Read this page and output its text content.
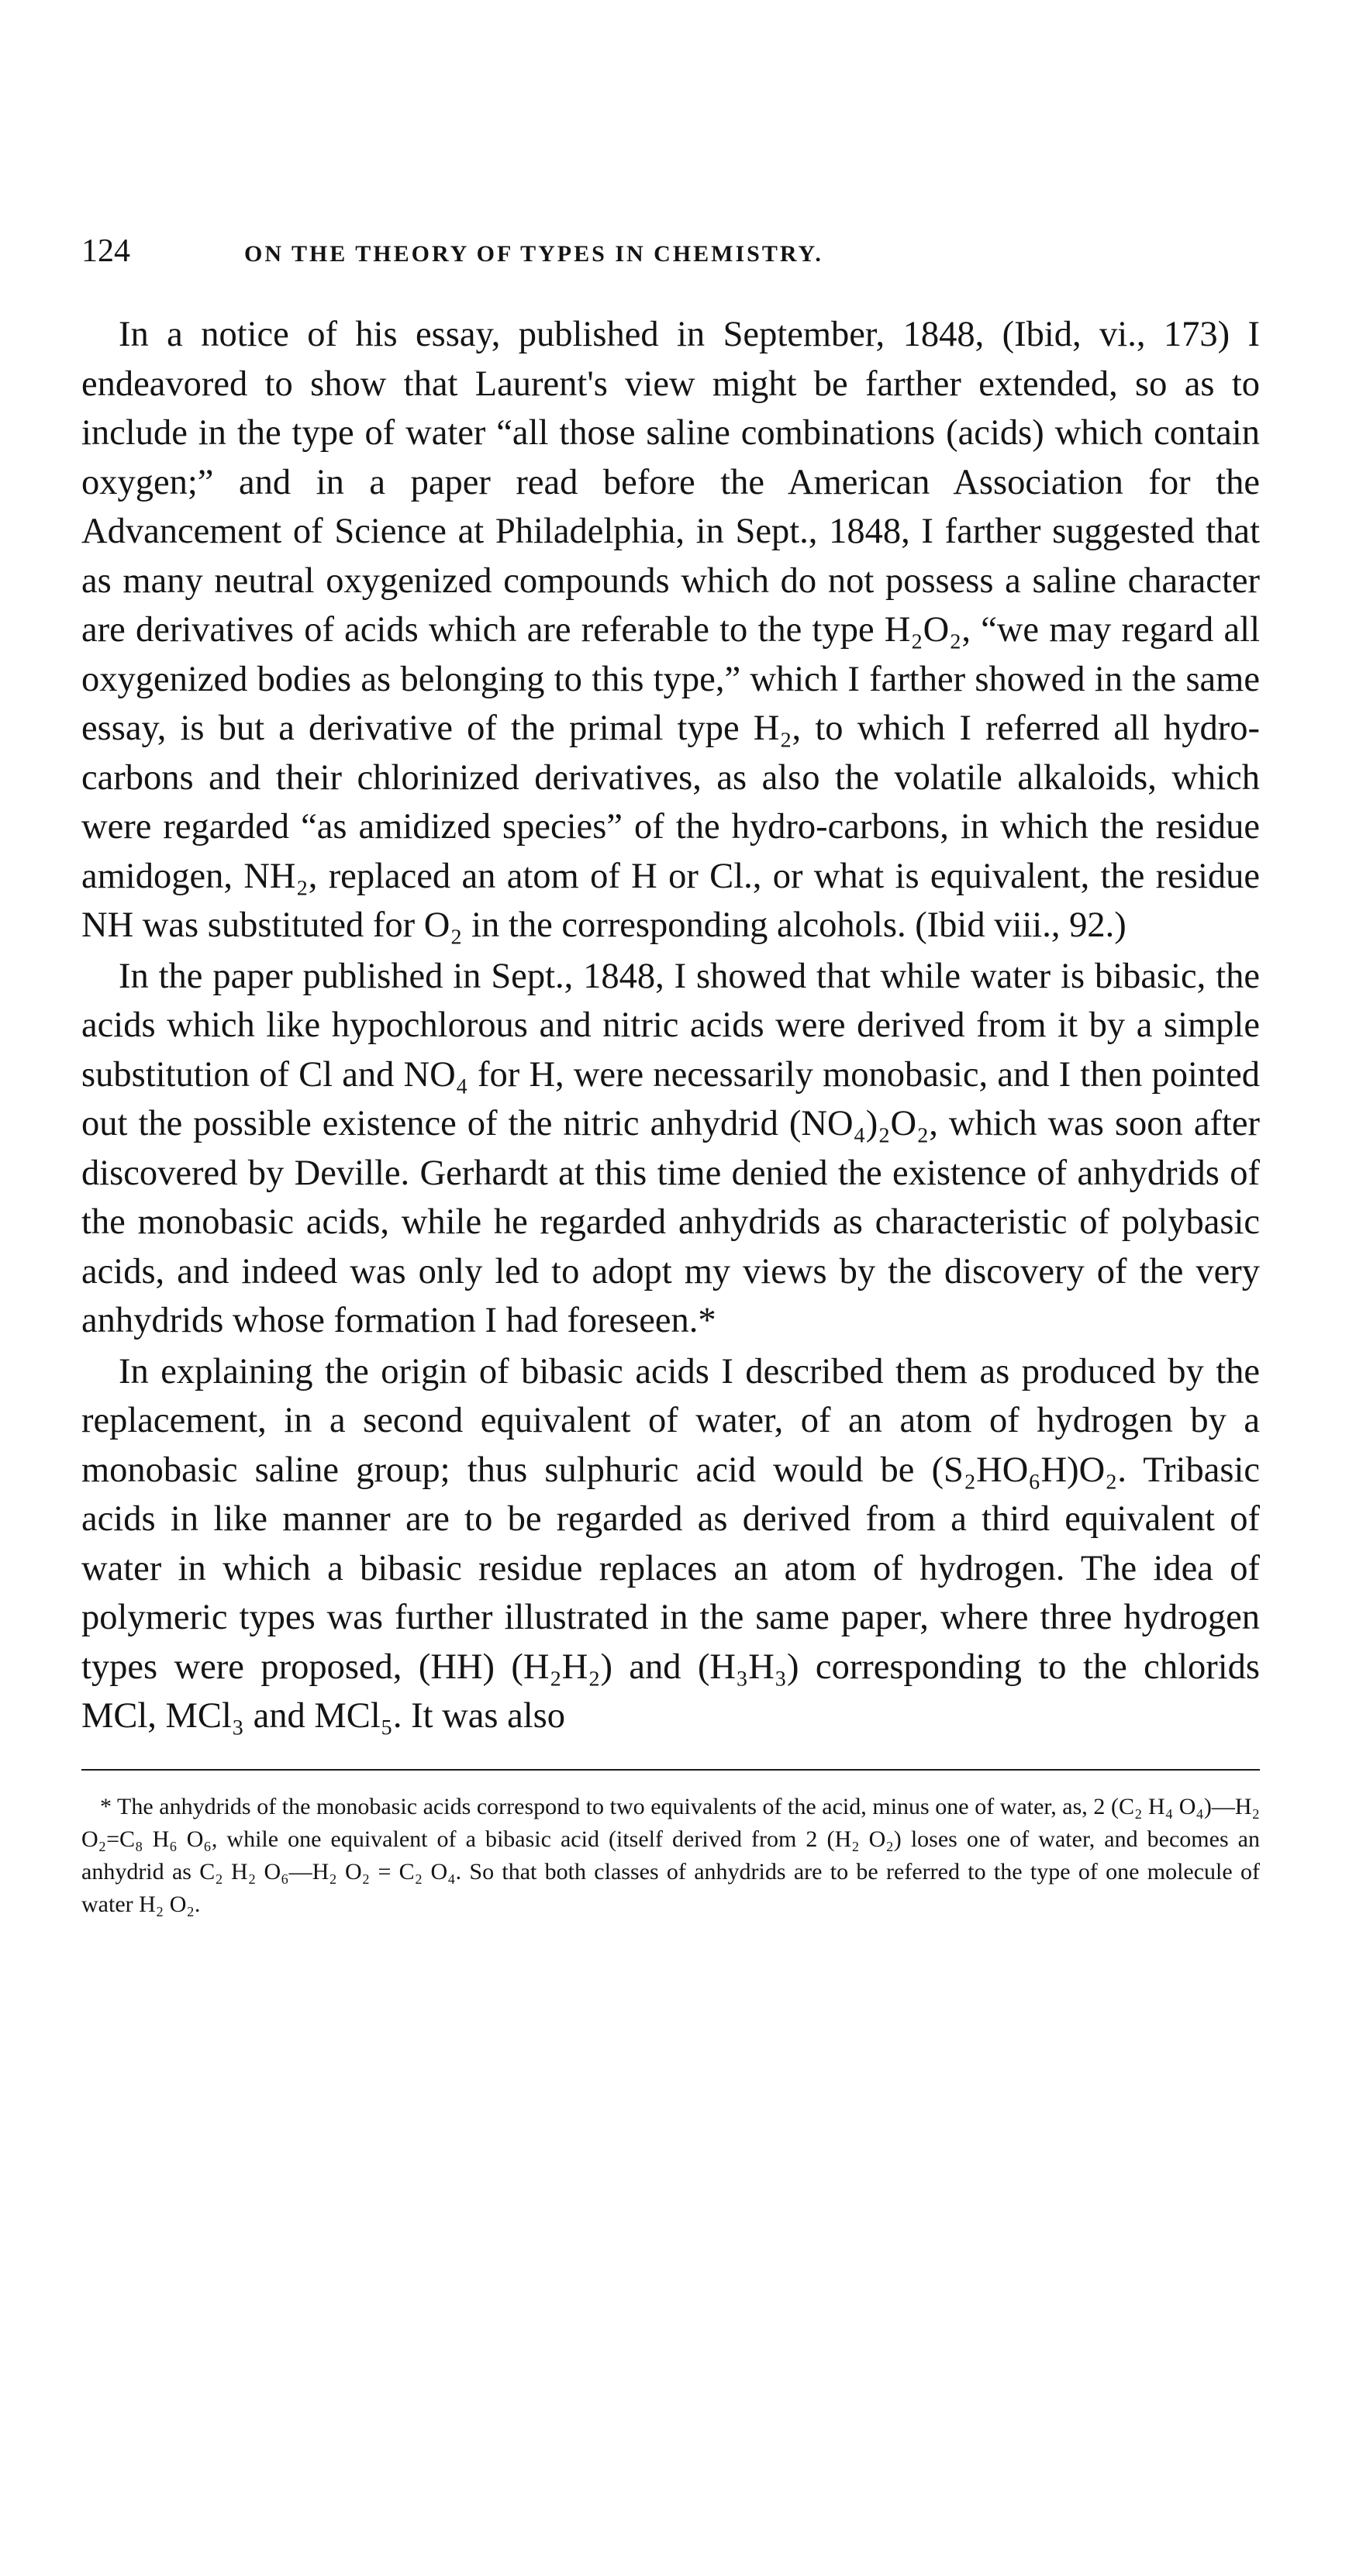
124	ON THE THEORY OF TYPES IN CHEMISTRY.

In a notice of his essay, published in September, 1848, (Ibid, vi., 173) I endeavored to show that Laurent's view might be farther extended, so as to include in the type of water “all those saline combinations (acids) which contain oxygen;” and in a paper read before the American Association for the Advancement of Science at Philadelphia, in Sept., 1848, I farther suggested that as many neutral oxygenized compounds which do not possess a saline character are derivatives of acids which are referable to the type H₂O₂, “we may regard all oxygenized bodies as belonging to this type,” which I farther showed in the same essay, is but a derivative of the primal type H₂, to which I referred all hydro-carbons and their chlorinized derivatives, as also the volatile alkaloids, which were regarded “as amidized species” of the hydro-carbons, in which the residue amidogen, NH₂, replaced an atom of H or Cl., or what is equivalent, the residue NH was substituted for O₂ in the corresponding alcohols. (Ibid viii., 92.)

In the paper published in Sept., 1848, I showed that while water is bibasic, the acids which like hypochlorous and nitric acids were derived from it by a simple substitution of Cl and NO₄ for H, were necessarily monobasic, and I then pointed out the possible existence of the nitric anhydrid (NO₄)₂O₂, which was soon after discovered by Deville. Gerhardt at this time denied the existence of anhydrids of the monobasic acids, while he regarded anhydrids as characteristic of polybasic acids, and indeed was only led to adopt my views by the discovery of the very anhydrids whose formation I had foreseen.*

In explaining the origin of bibasic acids I described them as produced by the replacement, in a second equivalent of water, of an atom of hydrogen by a monobasic saline group; thus sulphuric acid would be (S₂HO₆H)O₂. Tribasic acids in like manner are to be regarded as derived from a third equivalent of water in which a bibasic residue replaces an atom of hydrogen. The idea of polymeric types was further illustrated in the same paper, where three hydrogen types were proposed, (HH) (H₂H₂) and (H₃H₃) corresponding to the chlorids MCl, MCl₃ and MCl₅. It was also

* The anhydrids of the monobasic acids correspond to two equivalents of the acid, minus one of water, as, 2 (C₂ H₄ O₄)—H₂ O₂=C₈ H₆ O₆, while one equivalent of a bibasic acid (itself derived from 2 (H₂ O₂) loses one of water, and becomes an anhydrid as C₂ H₂ O₆—H₂ O₂ = C₂ O₄. So that both classes of anhydrids are to be referred to the type of one molecule of water H₂ O₂.
